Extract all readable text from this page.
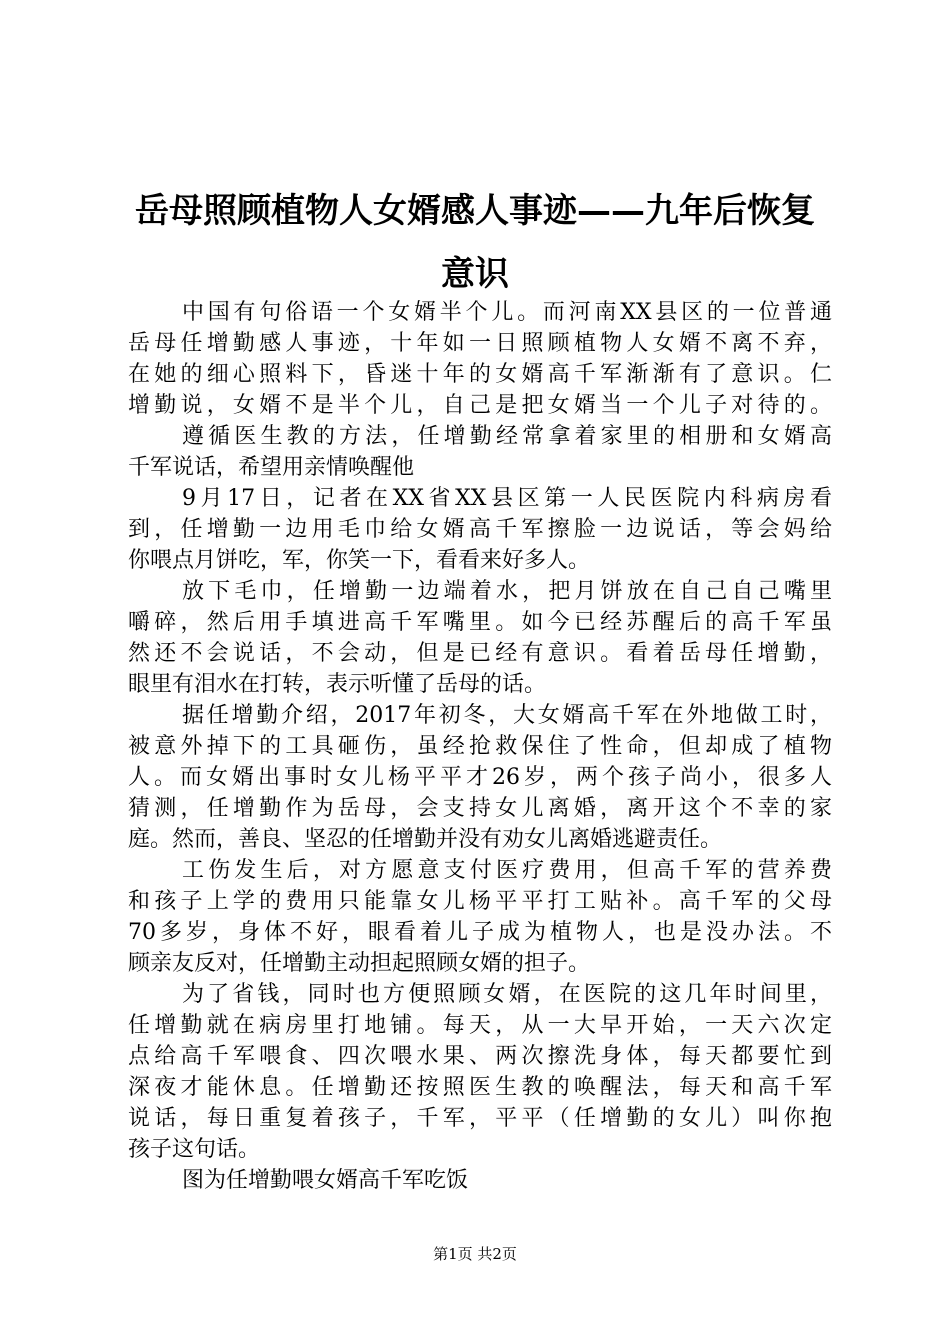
岳母照顾植物人女婿感人事迹——九年后恢复
意识
中国有句俗语一个女婿半个儿。而河南XX县区的一位普通
岳母任增勤感人事迹，十年如一日照顾植物人女婿不离不弃，
在她的细心照料下，昏迷十年的女婿高千军渐渐有了意识。仁
增勤说，女婿不是半个儿，自己是把女婿当一个儿子对待的。
遵循医生教的方法，任增勤经常拿着家里的相册和女婿高
千军说话，希望用亲情唤醒他
9月17日，记者在XX省XX县区第一人民医院内科病房看
到，任增勤一边用毛巾给女婿高千军擦脸一边说话，等会妈给
你喂点月饼吃，军，你笑一下，看看来好多人。
放下毛巾，任增勤一边端着水，把月饼放在自己自己嘴里
嚼碎，然后用手填进高千军嘴里。如今已经苏醒后的高千军虽
然还不会说话，不会动，但是已经有意识。看着岳母任增勤，
眼里有泪水在打转，表示听懂了岳母的话。
据任增勤介绍，2017年初冬，大女婿高千军在外地做工时，
被意外掉下的工具砸伤，虽经抢救保住了性命，但却成了植物
人。而女婿出事时女儿杨平平才26岁，两个孩子尚小，很多人
猜测，任增勤作为岳母，会支持女儿离婚，离开这个不幸的家
庭。然而，善良、坚忍的任增勤并没有劝女儿离婚逃避责任。
工伤发生后，对方愿意支付医疗费用，但高千军的营养费
和孩子上学的费用只能靠女儿杨平平打工贴补。高千军的父母
70多岁，身体不好，眼看着儿子成为植物人，也是没办法。不
顾亲友反对，任增勤主动担起照顾女婿的担子。
为了省钱，同时也方便照顾女婿，在医院的这几年时间里，
任增勤就在病房里打地铺。每天，从一大早开始，一天六次定
点给高千军喂食、四次喂水果、两次擦洗身体，每天都要忙到
深夜才能休息。任增勤还按照医生教的唤醒法，每天和高千军
说话，每日重复着孩子，千军，平平（任增勤的女儿）叫你抱
孩子这句话。
图为任增勤喂女婿高千军吃饭
第1页 共2页
